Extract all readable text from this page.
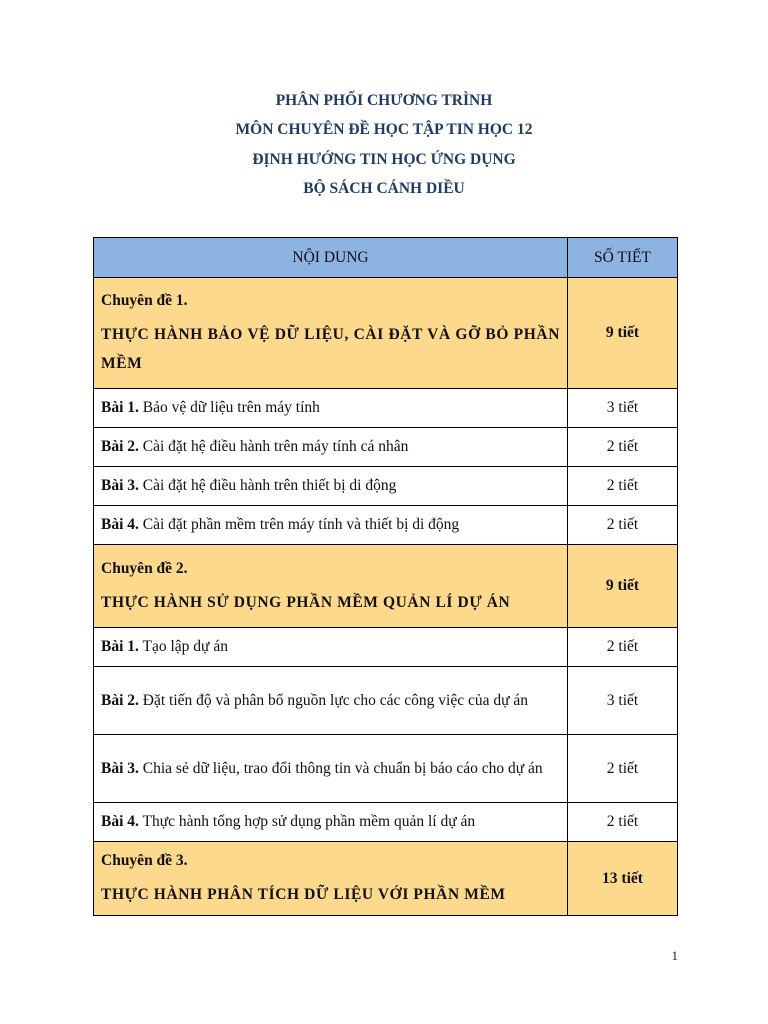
PHÂN PHỐI CHƯƠNG TRÌNH
MÔN CHUYÊN ĐỀ HỌC TẬP TIN HỌC 12
ĐỊNH HƯỚNG TIN HỌC ỨNG DỤNG
BỘ SÁCH CÁNH DIỀU
NỘI DUNG	SỐ TIẾT

Chuyên đề 1.
THỰC HÀNH BẢO VỆ DỮ LIỆU, CÀI ĐẶT VÀ GỠ BỎ PHẦN MỀM	9 tiết
Bài 1. Bảo vệ dữ liệu trên máy tính	3 tiết
Bài 2. Cài đặt hệ điều hành trên máy tính cá nhân	2 tiết
Bài 3. Cài đặt hệ điều hành trên thiết bị di động	2 tiết
Bài 4. Cài đặt phần mềm trên máy tính và thiết bị di động	2 tiết

Chuyên đề 2.
THỰC HÀNH SỬ DỤNG PHẦN MỀM QUẢN LÍ DỰ ÁN	9 tiết
Bài 1. Tạo lập dự án	2 tiết
Bài 2. Đặt tiến độ và phân bổ nguồn lực cho các công việc của dự án	3 tiết
Bài 3. Chia sẻ dữ liệu, trao đổi thông tin và chuẩn bị báo cáo cho dự án	2 tiết
Bài 4. Thực hành tổng hợp sử dụng phần mềm quản lí dự án	2 tiết

Chuyên đề 3.
THỰC HÀNH PHÂN TÍCH DỮ LIỆU VỚI PHẦN MỀM	13 tiết
1
